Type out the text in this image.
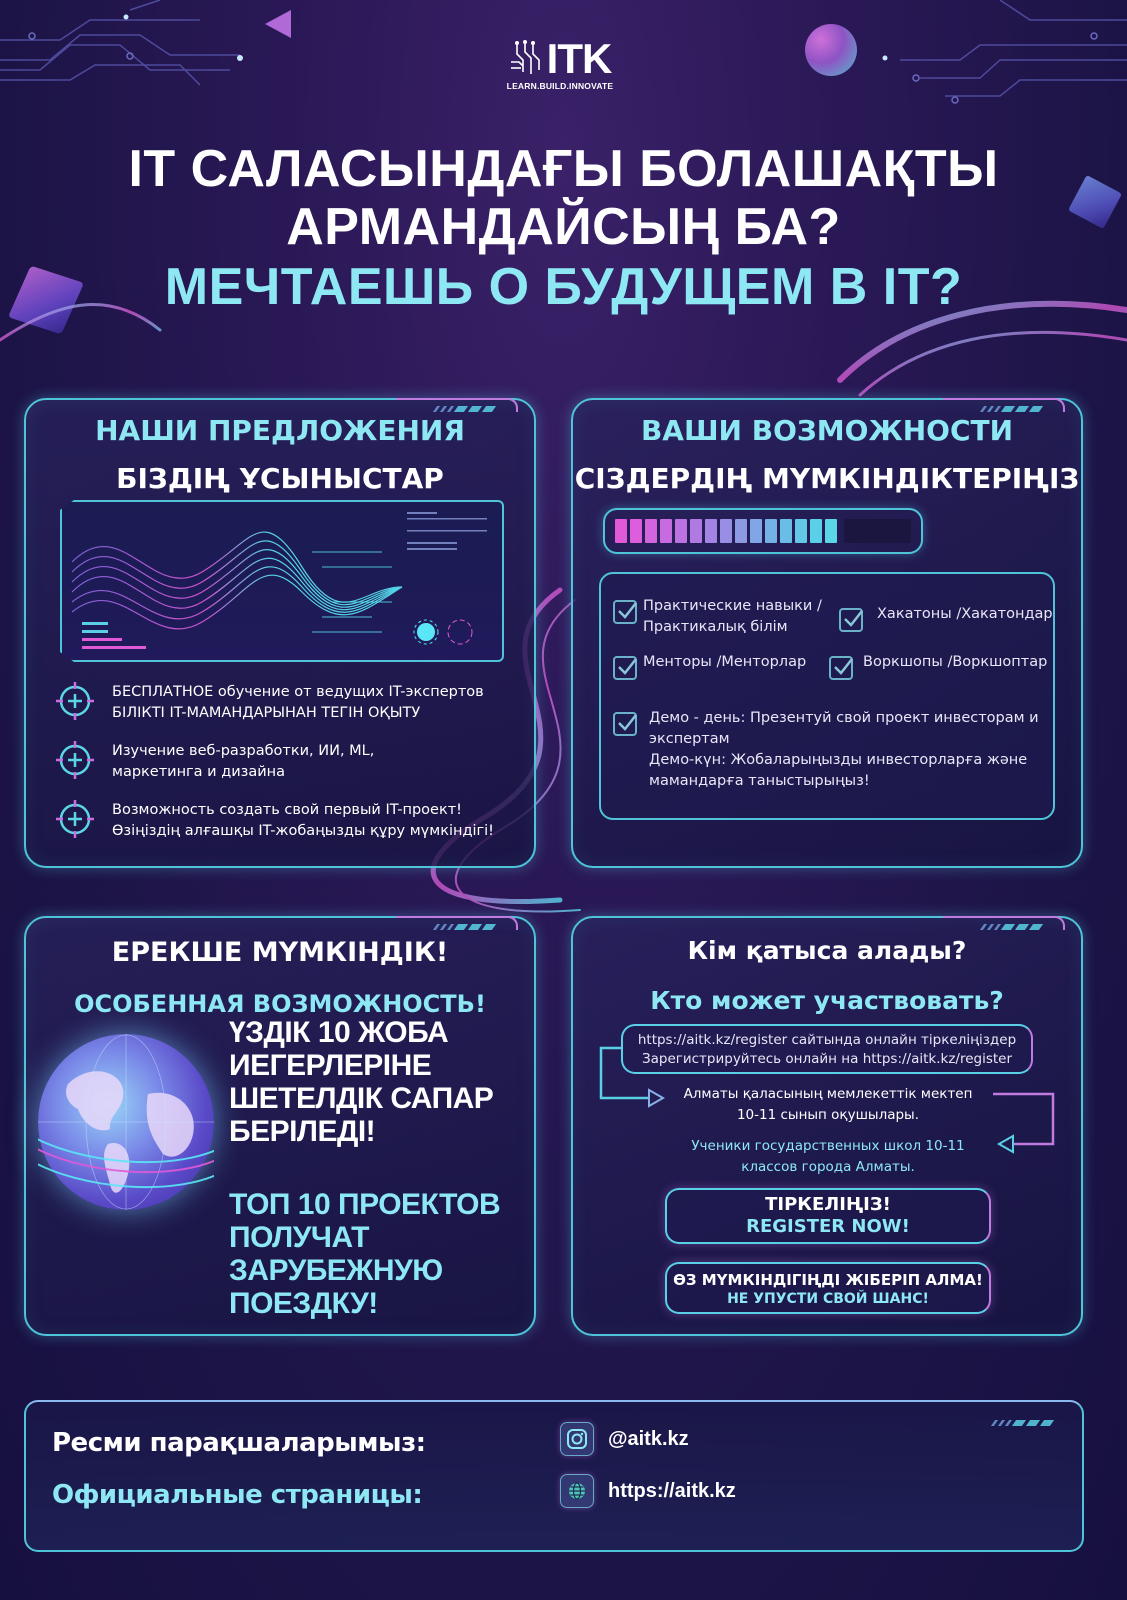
ITK
LEARN.BUILD.INNOVATE
IT САЛАСЫНДАҒЫ БОЛАШАҚТЫ
АРМАНДАЙСЫҢ БА?
МЕЧТАЕШЬ О БУДУЩЕМ В IT?
НАШИ ПРЕДЛОЖЕНИЯ
БІЗДІҢ ҰСЫНЫСТАР
БЕСПЛАТНОЕ обучение от ведущих IT-экспертов
БІЛІКТІ IT-МАМАНДАРЫНАН ТЕГІН ОҚЫТУ
Изучение веб-разработки, ИИ, ML,
маркетинга и дизайна
Возможность создать свой первый IT-проект!
Өзіңіздің алғашқы IT-жобаңызды құру мүмкіндігі!
ВАШИ ВОЗМОЖНОСТИ
СІЗДЕРДІҢ МҮМКІНДІКТЕРІҢІЗ
Практические навыки /
Практикалық білім
Хакатоны /Хакатондар
Менторы /Менторлар	Воркшопы /Воркшоптар
Демо - день: Презентуй свой проект инвесторам и
экспертам
Демо-күн: Жобаларыңызды инвесторларға және
мамандарға таныстырыңыз!
ЕРЕКШЕ МҮМКІНДІК!
ОСОБЕННАЯ ВОЗМОЖНОСТЬ!
ҮЗДІК 10 ЖОБА
ИЕГЕРЛЕРІНЕ
ШЕТЕЛДІК САПАР
БЕРІЛЕДІ!
ТОП 10 ПРОЕКТОВ
ПОЛУЧАТ
ЗАРУБЕЖНУЮ
ПОЕЗДКУ!
Кім қатыса алады?
Кто может участвовать?
https://aitk.kz/register сайтында онлайн тіркеліңіздер
Зарегистрируйтесь онлайн на https://aitk.kz/register
Алматы қаласының мемлекеттік мектеп
10-11 сынып оқушылары.
Ученики государственных школ 10-11
классов города Алматы.
ТІРКЕЛІҢІЗ!
REGISTER NOW!
ӨЗ МҮМКІНДІГІҢДІ ЖІБЕРІП АЛМА!
НЕ УПУСТИ СВОЙ ШАНС!
Ресми парақшаларымыз:
Официальные страницы:
@aitk.kz
https://aitk.kz
